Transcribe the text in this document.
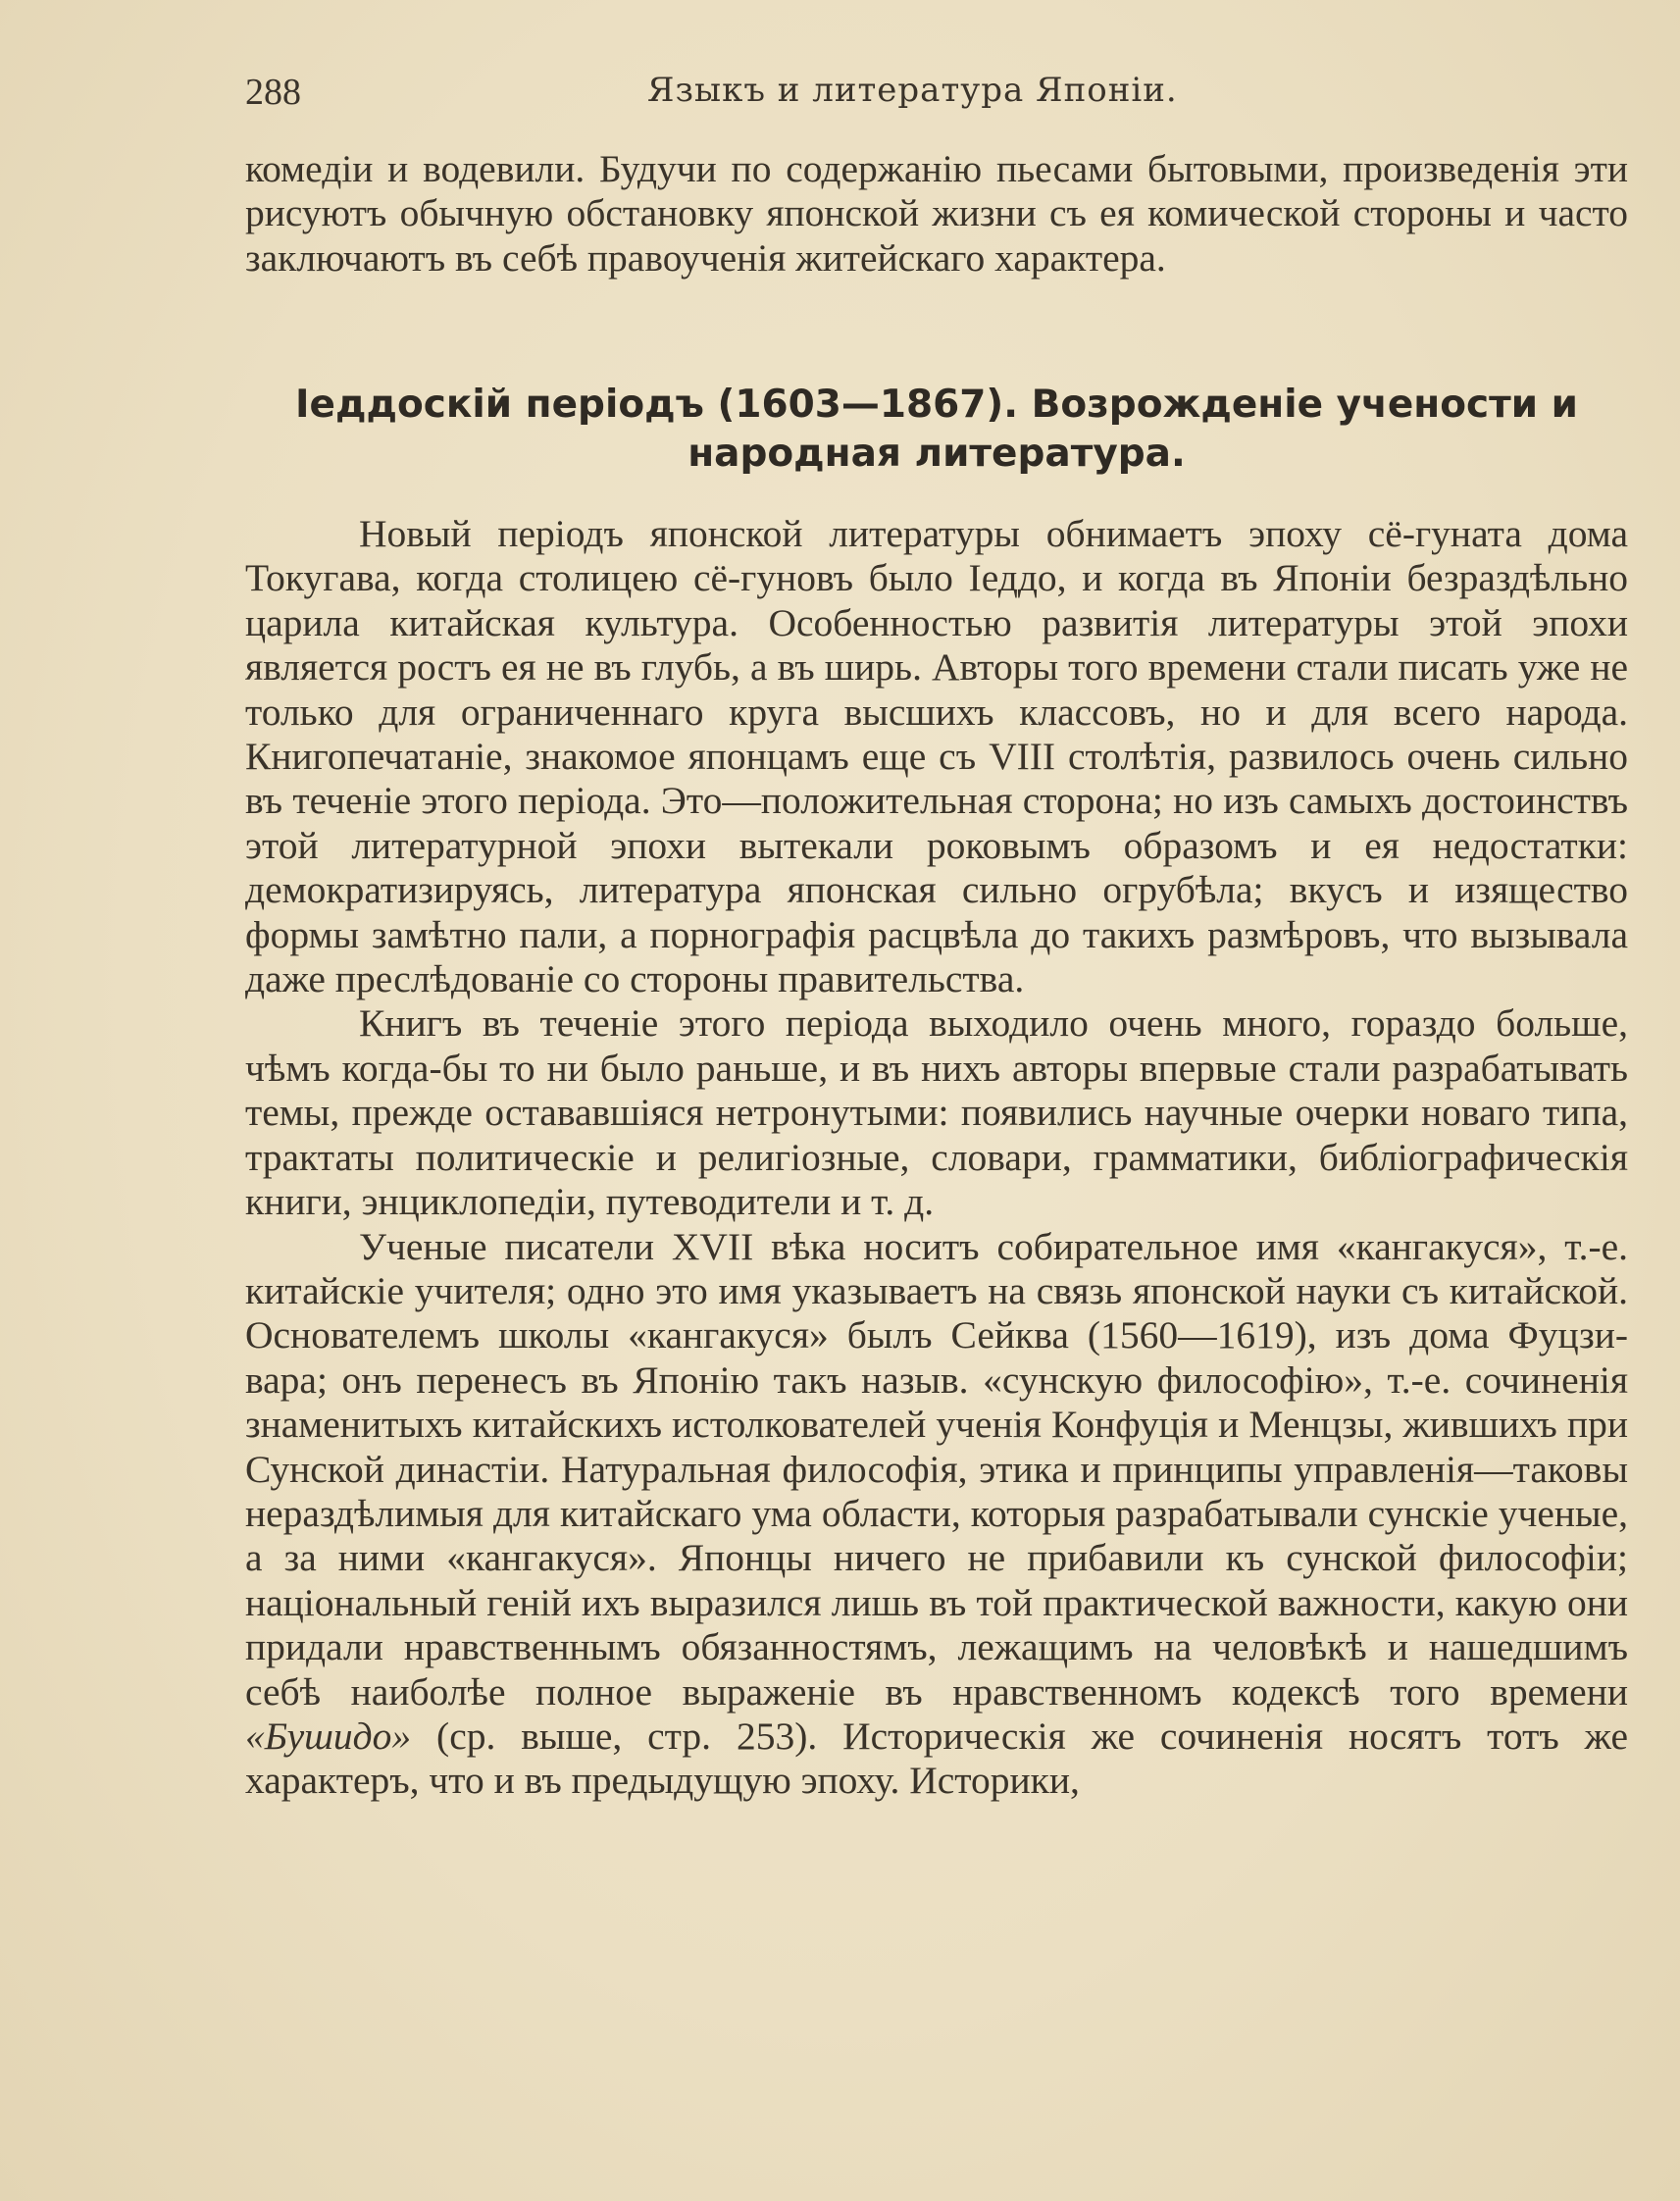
288	Языкъ и литература Японіи.

комедіи и водевили. Будучи по содержанію пьесами бытовыми, произведенія эти рисуютъ обычную обстановку японской жизни съ ея комической стороны и часто заключаютъ въ себѣ правоученія житейскаго характера.

Іеддоскій періодъ (1603—1867). Возрожденіе учености и
народная литература.

Новый періодъ японской литературы обнимаетъ эпоху сё-гуната дома Токугава, когда столицею сё-гуновъ было Іеддо, и когда въ Японіи безраздѣльно царила китайская культура. Особенностью развитія литературы этой эпохи является ростъ ея не въ глубь, а въ ширь. Авторы того времени стали писать уже не только для ограниченнаго круга высшихъ классовъ, но и для всего народа. Книгопечатаніе, знакомое японцамъ еще съ VIII столѣтія, развилось очень сильно въ теченіе этого періода. Это—положительная сторона; но изъ самыхъ достоинствъ этой литературной эпохи вытекали роковымъ образомъ и ея недостатки: демократизируясь, литература японская сильно огрубѣла; вкусъ и изящество формы замѣтно пали, а порнографія расцвѣла до такихъ размѣровъ, что вызывала даже преслѣдованіе со стороны правительства.

Книгъ въ теченіе этого періода выходило очень много, гораздо больше, чѣмъ когда-бы то ни было раньше, и въ нихъ авторы впервые стали разрабатывать темы, прежде остававшіяся нетронутыми: появились научные очерки новаго типа, трактаты политическіе и религіозные, словари, грамматики, библіографическія книги, энциклопедіи, путеводители и т. д.

Ученые писатели XVII вѣка носитъ собирательное имя «кангакуся», т.-е. китайскіе учителя; одно это имя указываетъ на связь японской науки съ китайской. Основателемъ школы «кангакуся» былъ Сейква (1560—1619), изъ дома Фуцзи-вара; онъ перенесъ въ Японію такъ назыв. «сунскую философію», т.-е. сочиненія знаменитыхъ китайскихъ истолкователей ученія Конфуція и Менцзы, жившихъ при Сунской династіи. Натуральная философія, этика и принципы управленія—таковы нераздѣлимыя для китайскаго ума области, которыя разрабатывали сунскіе ученые, а за ними «кангакуся». Японцы ничего не прибавили къ сунской философіи; національный геній ихъ выразился лишь въ той практической важности, какую они придали нравственнымъ обязанностямъ, лежащимъ на человѣкѣ и нашедшимъ себѣ наиболѣе полное выраженіе въ нравственномъ кодексѣ того времени «Бушидо» (ср. выше, стр. 253). Историческія же сочиненія носятъ тотъ же характеръ, что и въ предыдущую эпоху. Историки,
